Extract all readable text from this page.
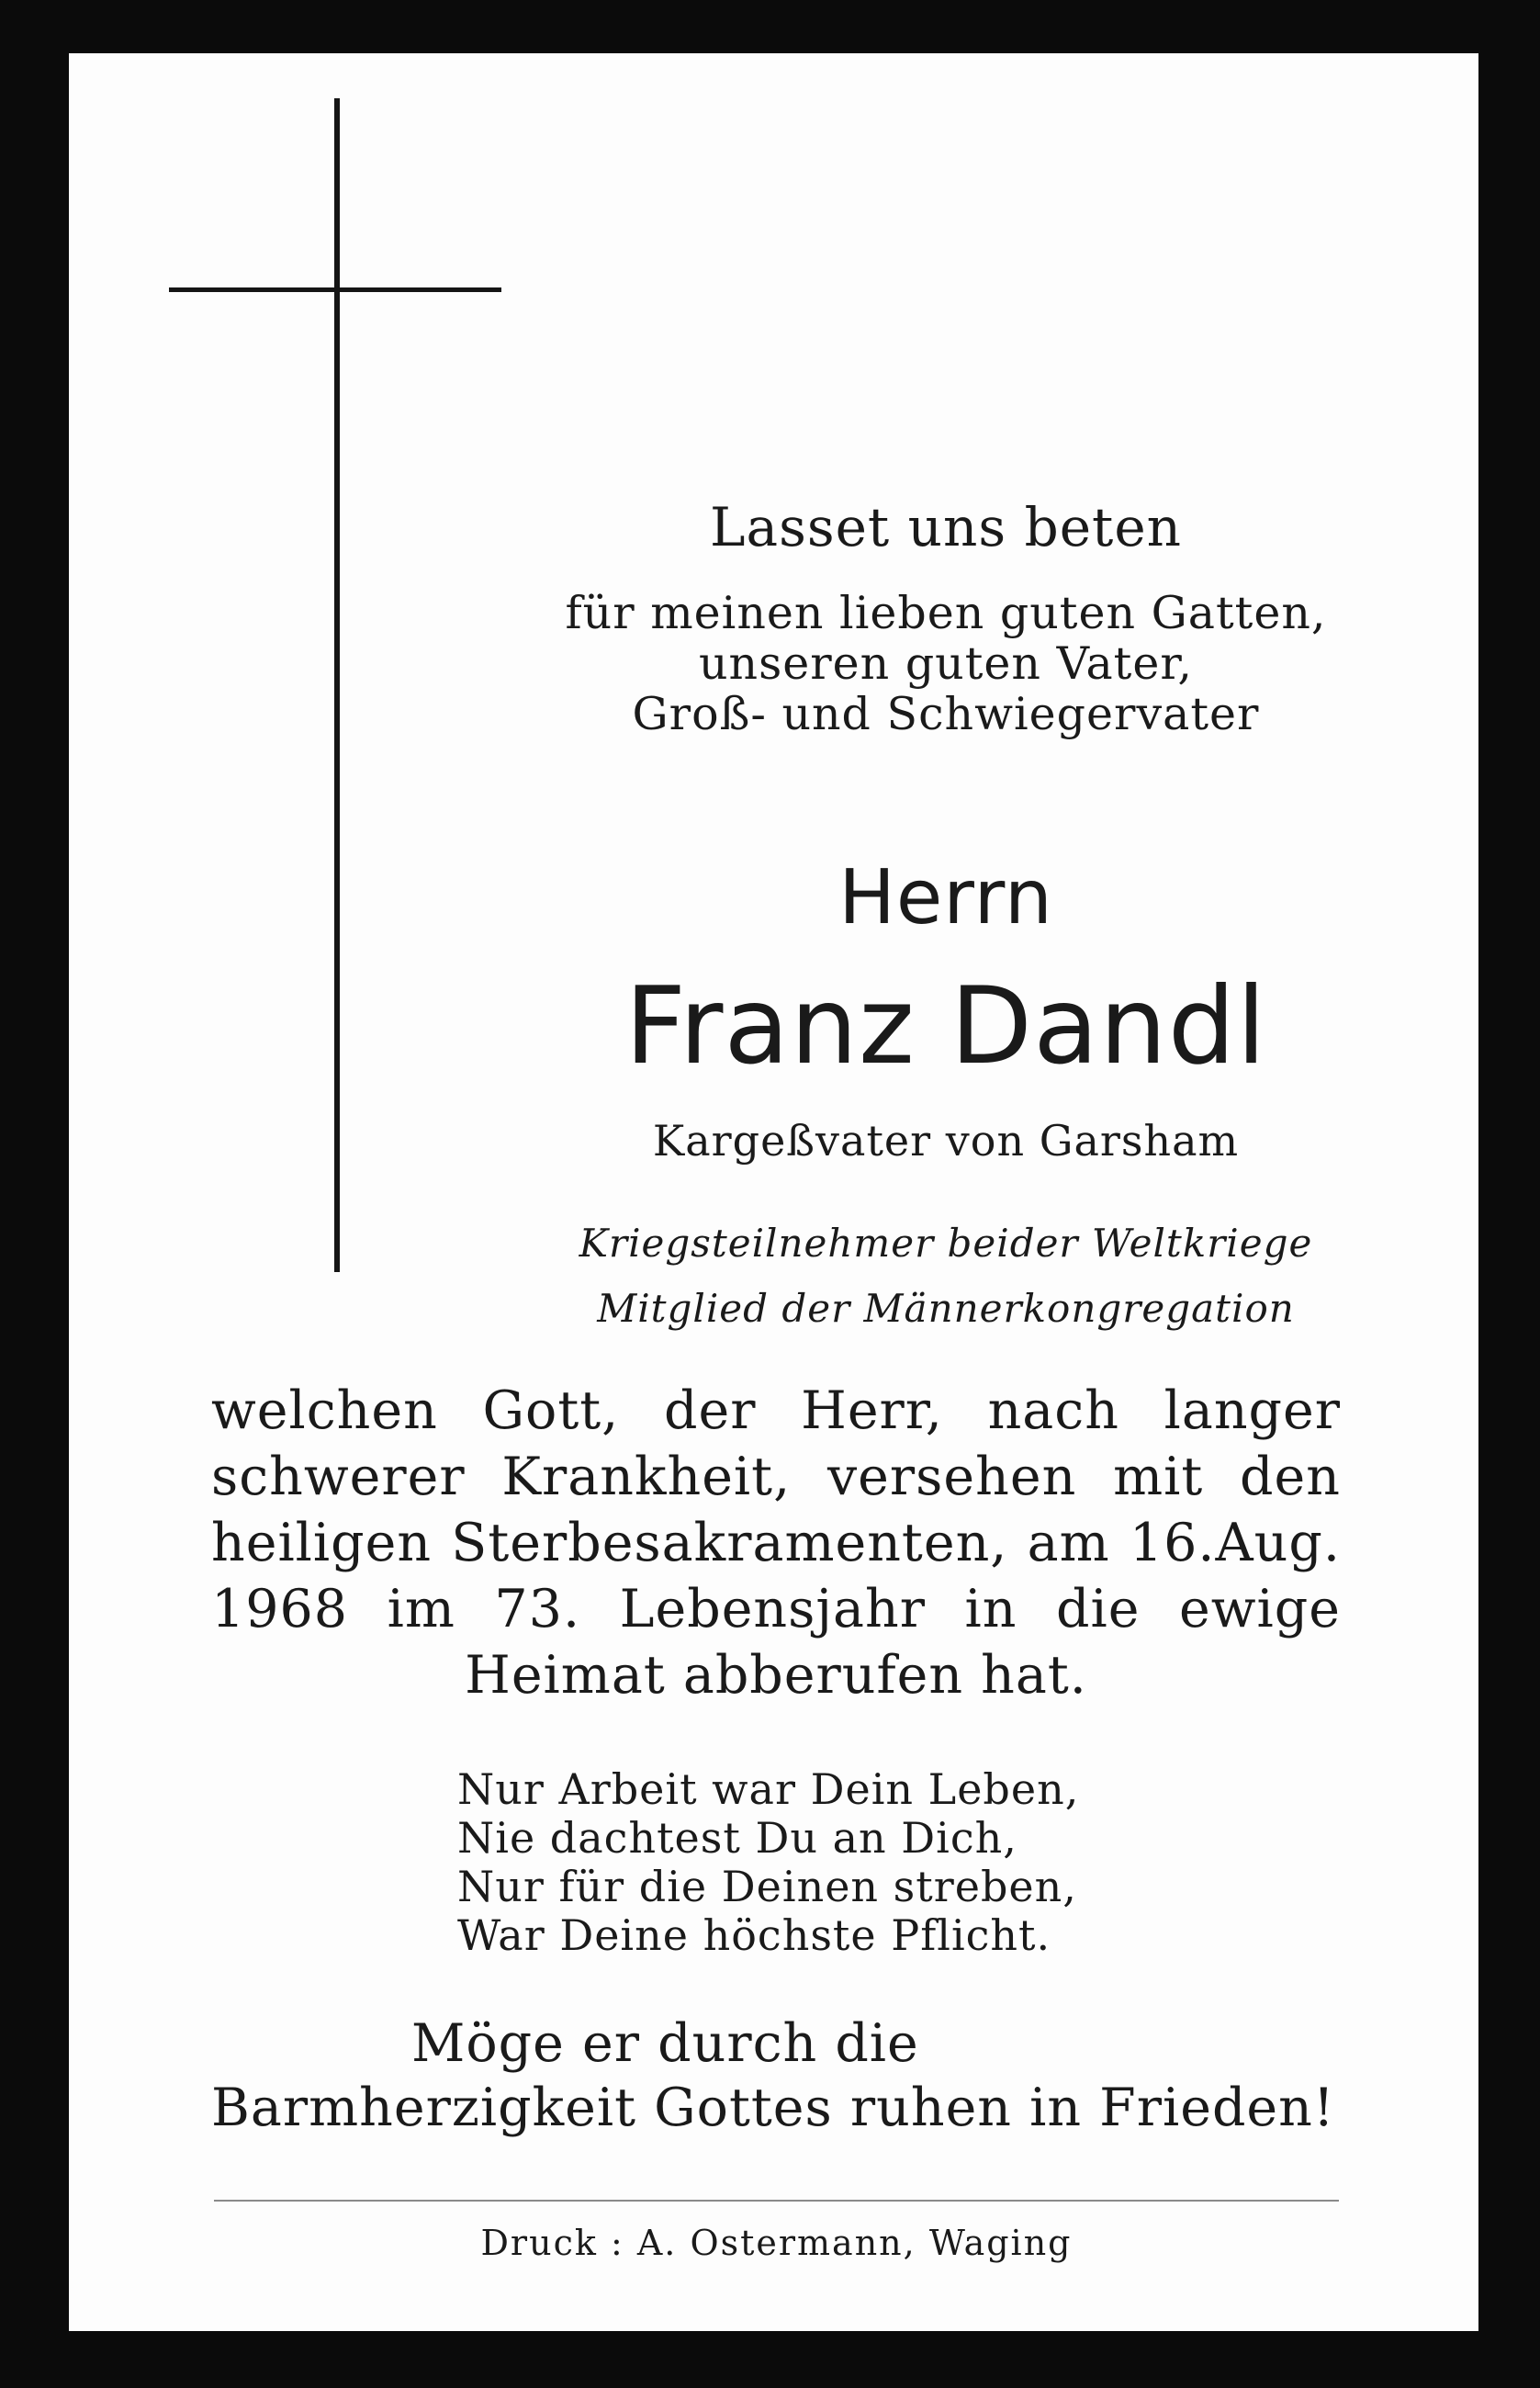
Lasset uns beten
für meinen lieben guten Gatten,
unseren guten Vater,
Groß- und Schwiegervater
Herrn
Franz Dandl
Kargeßvater von Garsham
Kriegsteilnehmer beider Weltkriege
Mitglied der Männerkongregation
welchen Gott, der Herr, nach langer
schwerer Krankheit, versehen mit den
heiligen Sterbesakramenten, am 16.Aug.
1968 im 73. Lebensjahr in die ewige
Heimat abberufen hat.
Nur Arbeit war Dein Leben,
Nie dachtest Du an Dich,
Nur für die Deinen streben,
War Deine höchste Pflicht.
Möge er durch die
Barmherzigkeit Gottes ruhen in Frieden!
Druck : A. Ostermann, Waging
